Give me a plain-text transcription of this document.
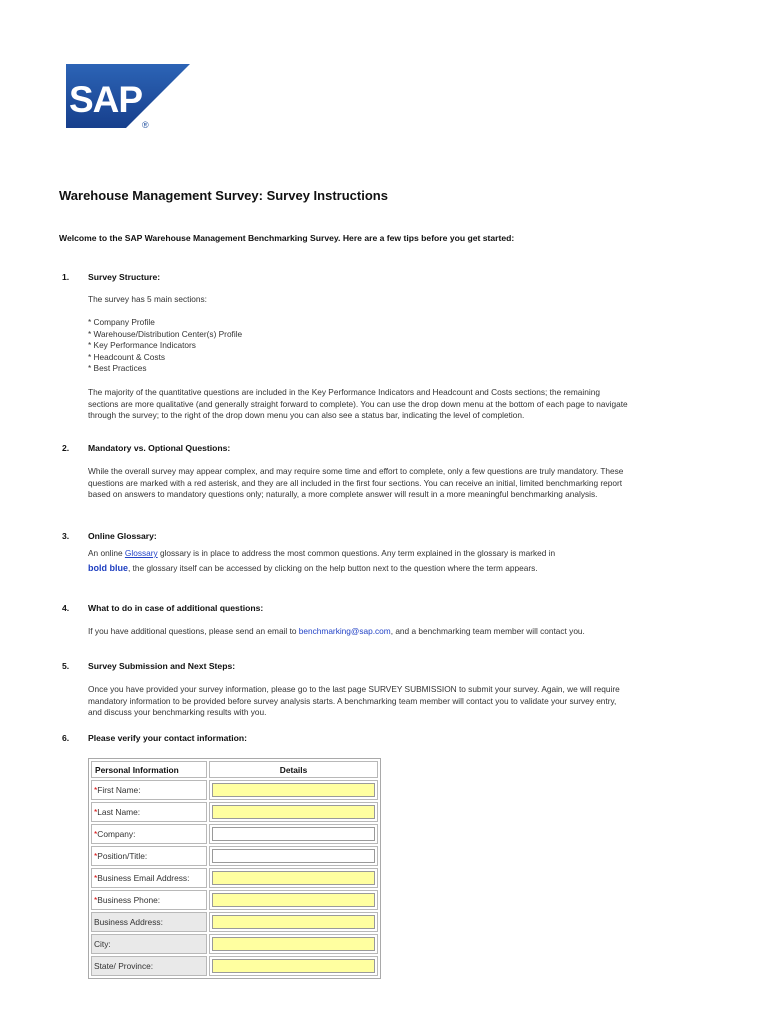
SAP
®
Warehouse Management Survey: Survey Instructions
Welcome to the SAP Warehouse Management Benchmarking Survey. Here are a few tips before you get started:
1. Survey Structure:
The survey has 5 main sections:
* Company Profile
* Warehouse/Distribution Center(s) Profile
* Key Performance Indicators
* Headcount & Costs
* Best Practices

The majority of the quantitative questions are included in the Key Performance Indicators and Headcount and Costs sections; the remaining sections are more qualitative (and generally straight forward to complete). You can use the drop down menu at the bottom of each page to navigate through the survey; to the right of the drop down menu you can also see a status bar, indicating the level of completion.

2. Mandatory vs. Optional Questions:

While the overall survey may appear complex, and may require some time and effort to complete, only a few questions are truly mandatory. These questions are marked with a red asterisk, and they are all included in the first four sections. You can receive an initial, limited benchmarking report based on answers to mandatory questions only; naturally, a more complete answer will result in a more meaningful benchmarking analysis.

3. Online Glossary:

An online Glossary glossary is in place to address the most common questions. Any term explained in the glossary is marked in
bold blue, the glossary itself can be accessed by clicking on the help button next to the question where the term appears.

4. What to do in case of additional questions:

If you have additional questions, please send an email to benchmarking@sap.com, and a benchmarking team member will contact you.

5. Survey Submission and Next Steps:

Once you have provided your survey information, please go to the last page SURVEY SUBMISSION to submit your survey. Again, we will require mandatory information to be provided before survey analysis starts. A benchmarking team member will contact you to validate your survey entry, and discuss your benchmarking results with you.

6. Please verify your contact information:
Personal Information	Details
*First Name:	

*Last Name:	

*Company:	

*Position/Title:	

*Business Email Address:	

*Business Phone:	

Business Address:	

City:	

State/ Province:	
